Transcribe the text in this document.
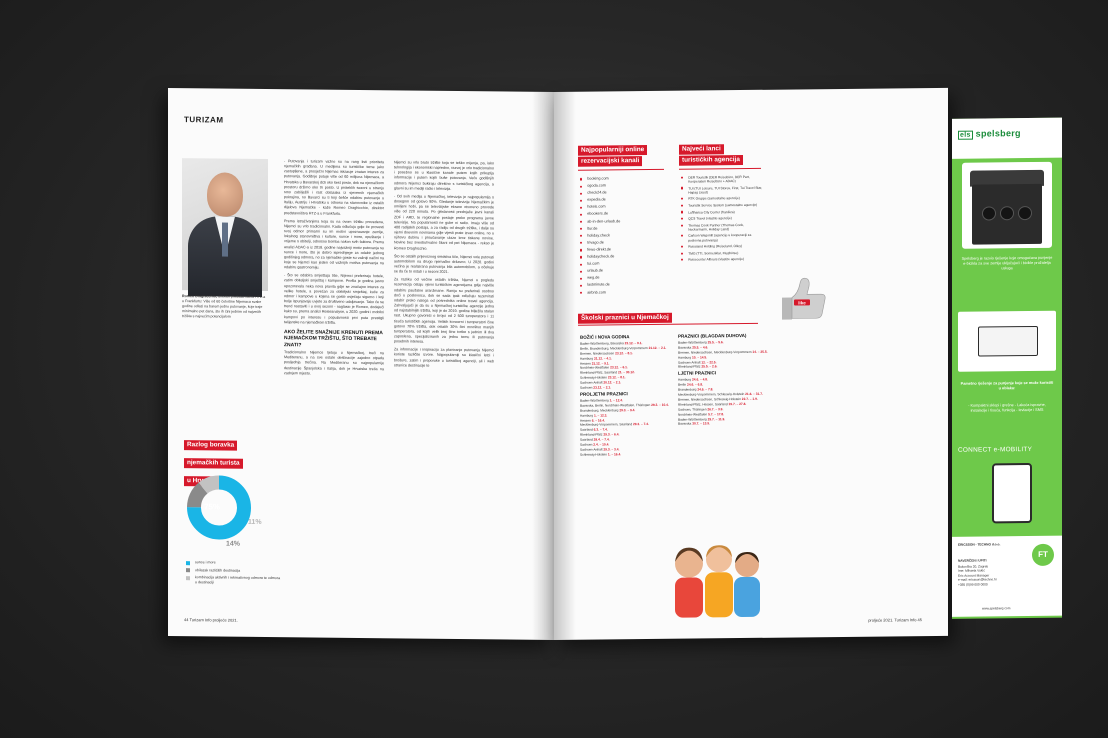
TURIZAM
Romeo Draghicchio, direktor predstavništva HTZ-a u Frankfurtu: Više od 60 četvrtine Nijemaca svake godine odlazi na barem jedno putovanje, koje traje minimalno pet dana, što ih čini jednim od najvećih tržišta s najvećim potencijalom

- Putovanja i turizam važno su na rang listi prioriteta njemačkih građana. U medijima su turističke teme jako zastupljene, a prosječni Nijemac iskazuje znatan interes za putovanja. Godišnje putuje više od 60 milijuna Nijemaca, a Hrvatska u Bavarskoj drži oko šest posto, dok na njemačkom prostoru držimo oko tri posto. U proteklih sezoni u stranju smo zabilježili i rast dolazaka iz sjevernih njemačkih pokrajina, no Bavarci su ti koji češće odabiru putovanje u Italiju, Austriju i Hrvatsku u odnosu na stanovnike iz ostalih dijelova Njemačke - kaže Romeo Draghicchio, direktor predstavništva HTZ-a u Frankfurtu.

Prema istraživanjima koja su na ovom tržištu provedena, Nijemci su vrlo tradicionalni. Kada odlučuju gdje će provesti svoj odmor primarni su im motivi upoznavanje zemlje, lokalnog stanovništva i kulture, sunce i more, opuštanje i vrijeme s obitelji, odnosno bomba nakon svih faktora. Prema analizi ADAC-a iz 2018. godine najvažniji motiv putovanja su sunce i more, što je dobro isprednjege za odabir jednog godišnjeg odmora, no za njemačke goste su važniji načini na koje se Njemci kao jeden od važnijih motiva putovanja na odabiru gastronomiju.

- Što se odabira smještaja tiče, Nijemci preferiraju hotele, zatim obiteljski smještaj i kampove. Prošla je godina jasno upozoravala neka nova pravila gdje se značajno interes za velike hotele, a povećan za obiteljski smještaj, kuće za odmor i kampove u kojima se goste osjećaju sigurno i koji bolje ispunjavaju uvjete za društveno udaljavanje. Tako će se trend nastaviti i u ovoj sezoni - naglasio je Romeo, dodajući kako su, prema analizi Reiseanalyse, u 2020. godini i mobilni kampovi po interesu i popularnosti prvi puta prestigli talijanske na njemačkom tržištu.

AKO ŽELITE SNAŽNIJE KRENUTI PREMA NJEMAČKOM TRŽIŠTU, ŠTO TREBATE ZNATI?

Tradicionalno Nijemce ljetuju u Njemačkoj, treći na Mediteranu, a na sve ostale destinacije zajedno otpada posljednja trećina. Na Mediteranu su najpopularnije destinacije Španjolska i Italija, dok je Hrvatska treća na zadnjem mjestu.

Nijemci su vrlo bruto tržište koja se teško mijenja, pa, iako tehnologija i ekonomski napredno, razvoj je vrlo tradicionalno i posebno se u klasične kanale putem kojih prikuplja informacije i putem kojih buše putovanja. Veću godišnjih odmora Nijemci bukiraju direktno s turističkog agencija, a glavni su im mediji radio i televizija.

- Od svih medija u Njemačkoj, televizija je najpopularnija s dosegom od gotovo 90%. Gledanje televizije Njemačkim je omiljeni hobi, pa se televizijske ekrane otvoreno provode više od 220 minuta. Po gledanosti prednjače javni kanali ZDF i ARD, te regionalne postaje preko programa javne televizije. Na popularnosti ne gube ni radio. Imaju više od 400 radijskih postaja, a za radiju od drugih tržišta, i dalje su vjerni dnevnim novinama gdje vijesti prate izvan online, no u njihovu dubinu i proučavanje ulaze kroz tiskane novine. Novine bez sveobuhvatno čitani od pet Nijemaca - rekao je Romeo Draghicchio.

Što se ostalih prijevoznog sredstva tiče, Nijemci vole putovati automobilom na drugo njemačko državno. U 2020. godini većina je realizirana putovanja bila automobilom, a očekuje se da će to ostati i u sezoni 2021.

Za razliku od većine ostalih tržišta, Njemci u pogledu rezervacija ostaju vjerni turističkim agencijama gdje najviše odabiru paušalne aranžmane. Raniju su preferirali osobno doći u poslovnicu, dok se sada ipak odlučuju rezervirati odabir preko naloga od posrednika online travel agencija. Zahvaljujući je da su u Njemačkoj turističke agencije jedna od najstabilnijih tržišta, koji je do 2019. godine bilježila stalan rast. Ukupno govoreći o brojci od 2 500 turoperatora i 11 tisuća turističkih agencija. Velikih koncerni i turoperatori čine gotovo 70% tržišta, dok ostatih 30% čini mnoštvo manjih turoperatora, od kojih velik broj čine tvrtke s jednim ili dva zaposlena, specijaliziranih za jednu temu ili putovanja posebnih interesa.

Za informacije i inspiraciju za planiranje putovanja Nijemci koriste različite izvore. Najpopularniji su klasični letci i brošure, zatim i preporuke u turističkoj agenciji, ali i web stranice destinacije te

Razlog boravka
njemačkih turista
u Hrvatskoj
75%
14%
11%
sunce i more
obilazak različitih destinacija
kombinacija aktivnih i rekreativnog odmora te odmora u destinaciji
44 Turizam Info proljeće 2021.
Najpopularniji online
rezervacijski kanali
booking.com
ogoda.com
check24.de
expedia.de
hotels.com
ebookers.de
ab-in-den-urlaub.de
ltur.de
holiday.check
trivago.de
fewo-direkt.de
holidaycheck.de
tui.com
urlaub.de
weg.de
lastminute.de
airbnb.com
like
Najveći lanci
turističkih agencija
DER Touristik (DER Reisebüro, DER Part, Kooperation Reisebüro + ADAC)
TUI (TUI Leisure, TUI Stores, First, Tui Travel Star, Hapag Lloyd)
RTK Gruppe (samostalne agencije)
Touristik Service System (samostalne agencije)
Lufthansa City Center (franšiza)
QCS Travel (vlastite agencije)
Thomas Cook Partner (Thomas Cook, Neckermann, Holiday Land)
Carlson Wagonlit (agencije u kooperaciji za poslovna putovanja)
Reiseland Holding (Reiseland, Olley)
TMG (TTI, Sonnenklar, Flugbörse)
Reisecenter Alltours (vlastite agencije)
Školski praznici u Njemačkoj
BOŽIĆ I NOVA GODINA
Baden-Württemberg, Bavarska 23.12. – 9.1.
Berlin, Brandenburg, Mecklenburg-Vorpommern 21.12. – 2.1.
Bremen, Niedersachsen 23.12. – 8.1.
Hamburg 21.12. – 4.1.
Hessen 21.12. – 9.1.
Nordrhein-Westfalen 23.12. – 6.1.
Rheinland-Pfalz, Saarland 21. – 30.12.
Schleswig-Holstein 23.12. – 8.1.
Sachsen-Anhalt 20.12. – 2.1.
Sachsen 23.12. – 2.1.
PROLJETNI PRAZNICI
Baden-Württemberg 1. – 12.4.
Bavarska, Berlin, Nordrhein-Westfalen, Thüringen 29.3. – 10.4.
Brandenburg, Mecklenburg 29.3. – 9.4.
Hamburg 1. – 12.3.
Hessen 6. – 16.4.
Mecklenburg-Vorpommern, Saarland 29.3. – 7.4.
Saarland 6.3. – 7.4.
Rheinland-Pfalz 29.3. – 6.4.
Saarland 29.4. – 7.4.
Sachsen 2.4. – 10.4.
Sachsen-Anhalt 29.3. – 3.4.
Schleswig-Holstein 1. – 16.4.
PRAZNICI (BLAGDAN DUHOVA)
Baden-Württemberg 25.5. – 5.6.
Bavarska 25.5. – 4.6.
Bremen, Niedersachsen, Mecklenburg-Vorpommern 14. – 25.5.
Hamburg 10. – 14.5.
Sachsen-Anhalt 12. – 22.5.
Rheinland-Pfalz 25.5. – 2.6.
LJETNI PRAZNICI
Hamburg 24.6. – 4.8.
Berlin 24.6. – 6.8.
Brandenburg 24.6. – 7.8.
Mecklenburg-Vorpommern, Schleswig-Holstein 21.6. – 31.7.
Bremen, Niedersachsen, Schleswig-Holstein 22.7. – 1.9.
Rheinland-Pfalz, Hessen, Saarland 19.7. – 27.8.
Sachsen, Thüringen 26.7. – 3.9.
Nordrhein-Westfalen 5.7. – 17.8.
Baden-Württemberg 29.7. – 11.9.
Bavarska 30.7. – 13.9.
els spelsberg
Spelsberg je razvio rješenje koje omogućava punjenje e-bicikla za sve zemlje uključujući i bicikle pružatelja usluga
Pametno rješenje za punjenje koje se može koristiti u oblaku:
- Kompaktni sklopi i grešne - Lakoća ispravne, instalacije i tisuća, funkcija - Ievlacije i SMS
CONNECT e-MOBILITY
ERICSSON - TECHNO d.o.o.
NAVERČEN I UPITI
Bukovčka 20, Zagreb
Ime: Mihaela Vukić
Eric Account Manager
e-mail: ericsson@techno.hr
+385 (0)99 000 0000
FT
www.spelsberg.com
proljeće 2021. Turizam Info 45
